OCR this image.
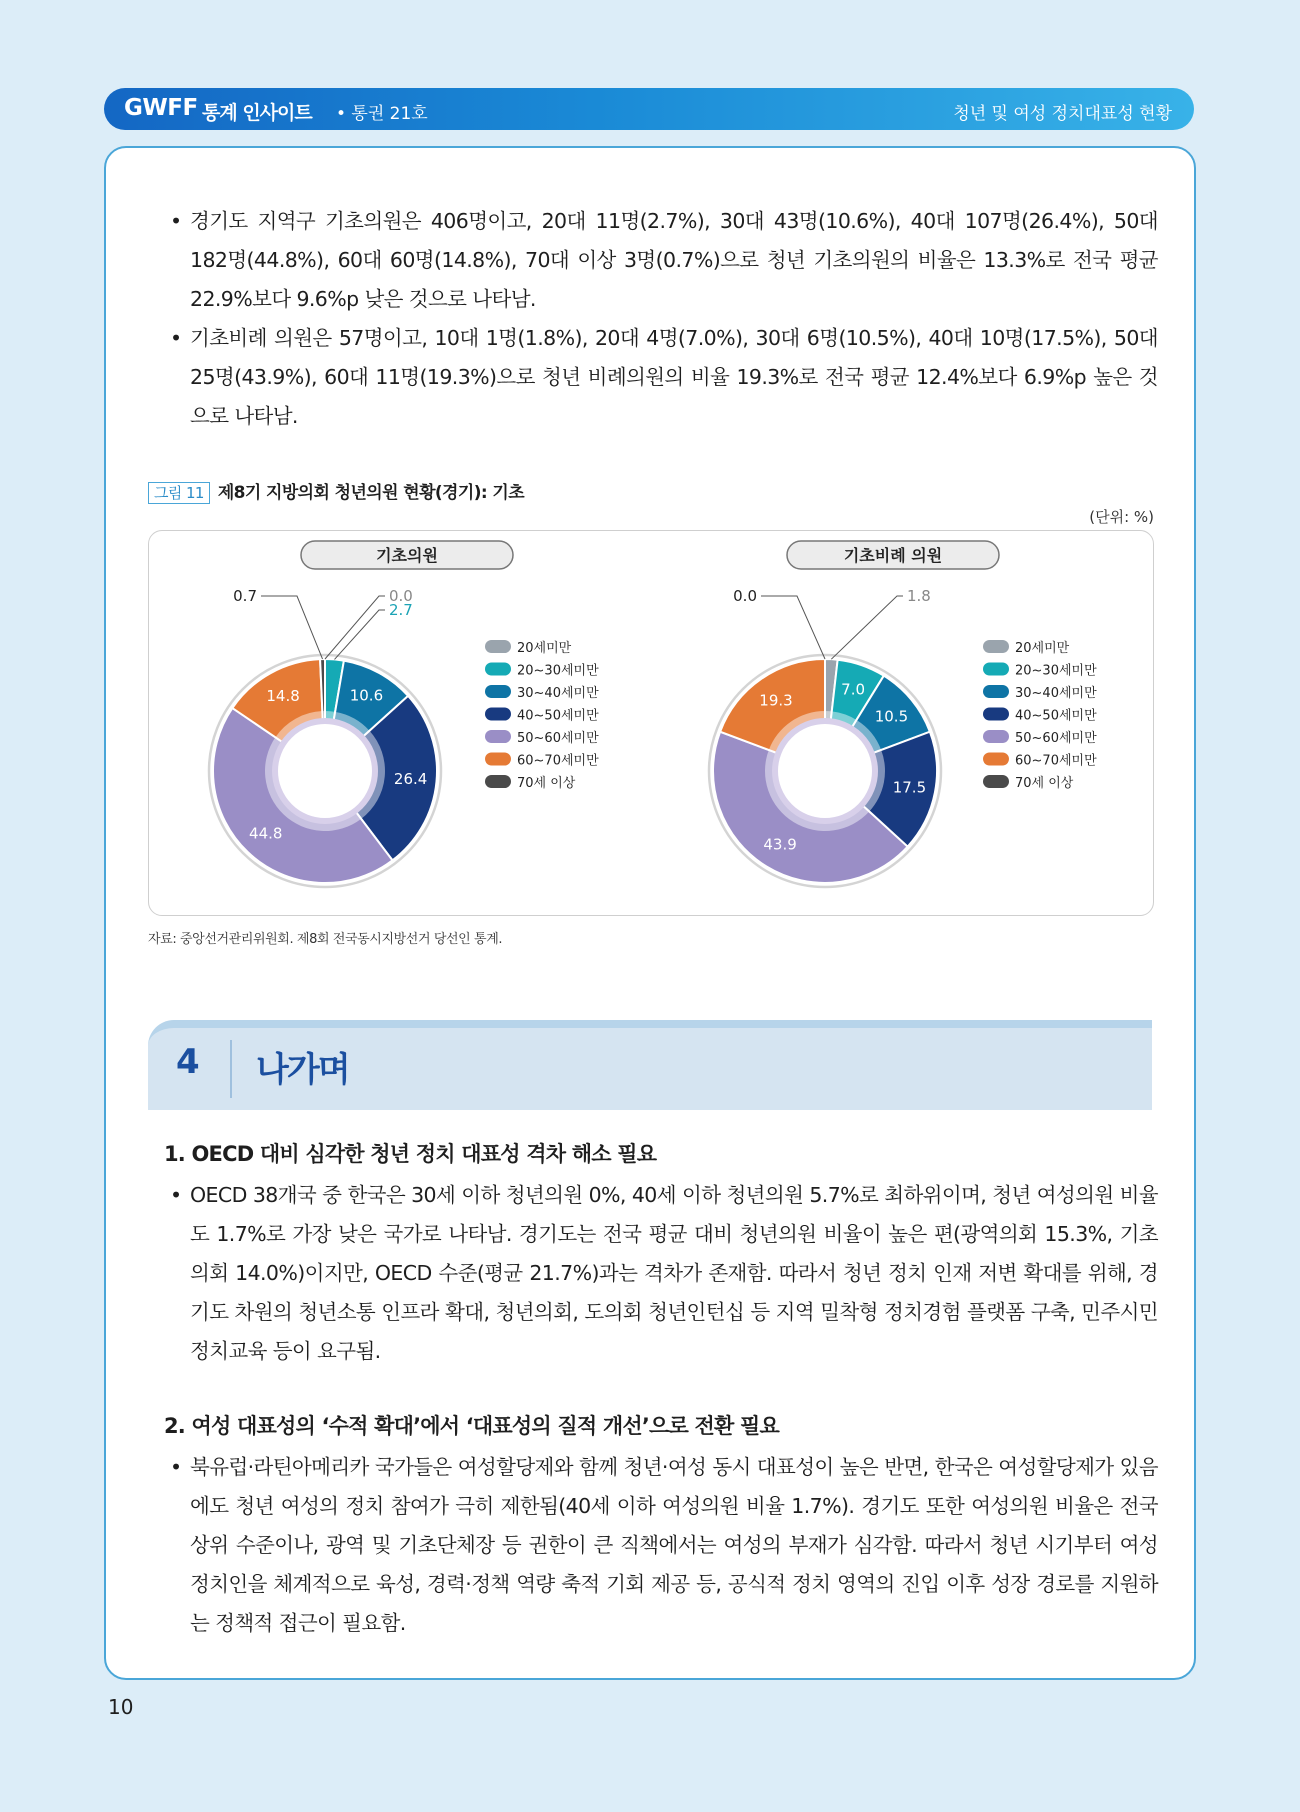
GWFF 통계 인사이트 • 통권 21호	청년 및 여성 정치대표성 현황
• 경기도 지역구 기초의원은 406명이고, 20대 11명(2.7%), 30대 43명(10.6%), 40대 107명(26.4%), 50대 182명(44.8%), 60대 60명(14.8%), 70대 이상 3명(0.7%)으로 청년 기초의원의 비율은 13.3%로 전국 평균 22.9%보다 9.6%p 낮은 것으로 나타남.
• 기초비례 의원은 57명이고, 10대 1명(1.8%), 20대 4명(7.0%), 30대 6명(10.5%), 40대 10명(17.5%), 50대 25명(43.9%), 60대 11명(19.3%)으로 청년 비례의원의 비율 19.3%로 전국 평균 12.4%보다 6.9%p 높은 것으로 나타남.
그림 11 제8기 지방의회 청년의원 현황(경기): 기초
(단위: %)
기초의원
10.6
26.4
44.8
14.8
0.7	0.0
2.7
20세미만
20~30세미만
30~40세미만
40~50세미만
50~60세미만
60~70세미만
70세 이상
기초비례 의원
7.0
10.5
17.5
43.9
19.3
0.0	1.8
20세미만
20~30세미만
30~40세미만
40~50세미만
50~60세미만
60~70세미만
70세 이상
자료: 중앙선거관리위원회. 제8회 전국동시지방선거 당선인 통계.
4 나가며
1. OECD 대비 심각한 청년 정치 대표성 격차 해소 필요
• OECD 38개국 중 한국은 30세 이하 청년의원 0%, 40세 이하 청년의원 5.7%로 최하위이며, 청년 여성의원 비율도 1.7%로 가장 낮은 국가로 나타남. 경기도는 전국 평균 대비 청년의원 비율이 높은 편(광역의회 15.3%, 기초의회 14.0%)이지만, OECD 수준(평균 21.7%)과는 격차가 존재함. 따라서 청년 정치 인재 저변 확대를 위해, 경기도 차원의 청년소통 인프라 확대, 청년의회, 도의회 청년인턴십 등 지역 밀착형 정치경험 플랫폼 구축, 민주시민 정치교육 등이 요구됨.
2. 여성 대표성의 ‘수적 확대’에서 ‘대표성의 질적 개선’으로 전환 필요
• 북유럽·라틴아메리카 국가들은 여성할당제와 함께 청년·여성 동시 대표성이 높은 반면, 한국은 여성할당제가 있음에도 청년 여성의 정치 참여가 극히 제한됨(40세 이하 여성의원 비율 1.7%). 경기도 또한 여성의원 비율은 전국 상위 수준이나, 광역 및 기초단체장 등 권한이 큰 직책에서는 여성의 부재가 심각함. 따라서 청년 시기부터 여성 정치인을 체계적으로 육성, 경력·정책 역량 축적 기회 제공 등, 공식적 정치 영역의 진입 이후 성장 경로를 지원하는 정책적 접근이 필요함.
10
